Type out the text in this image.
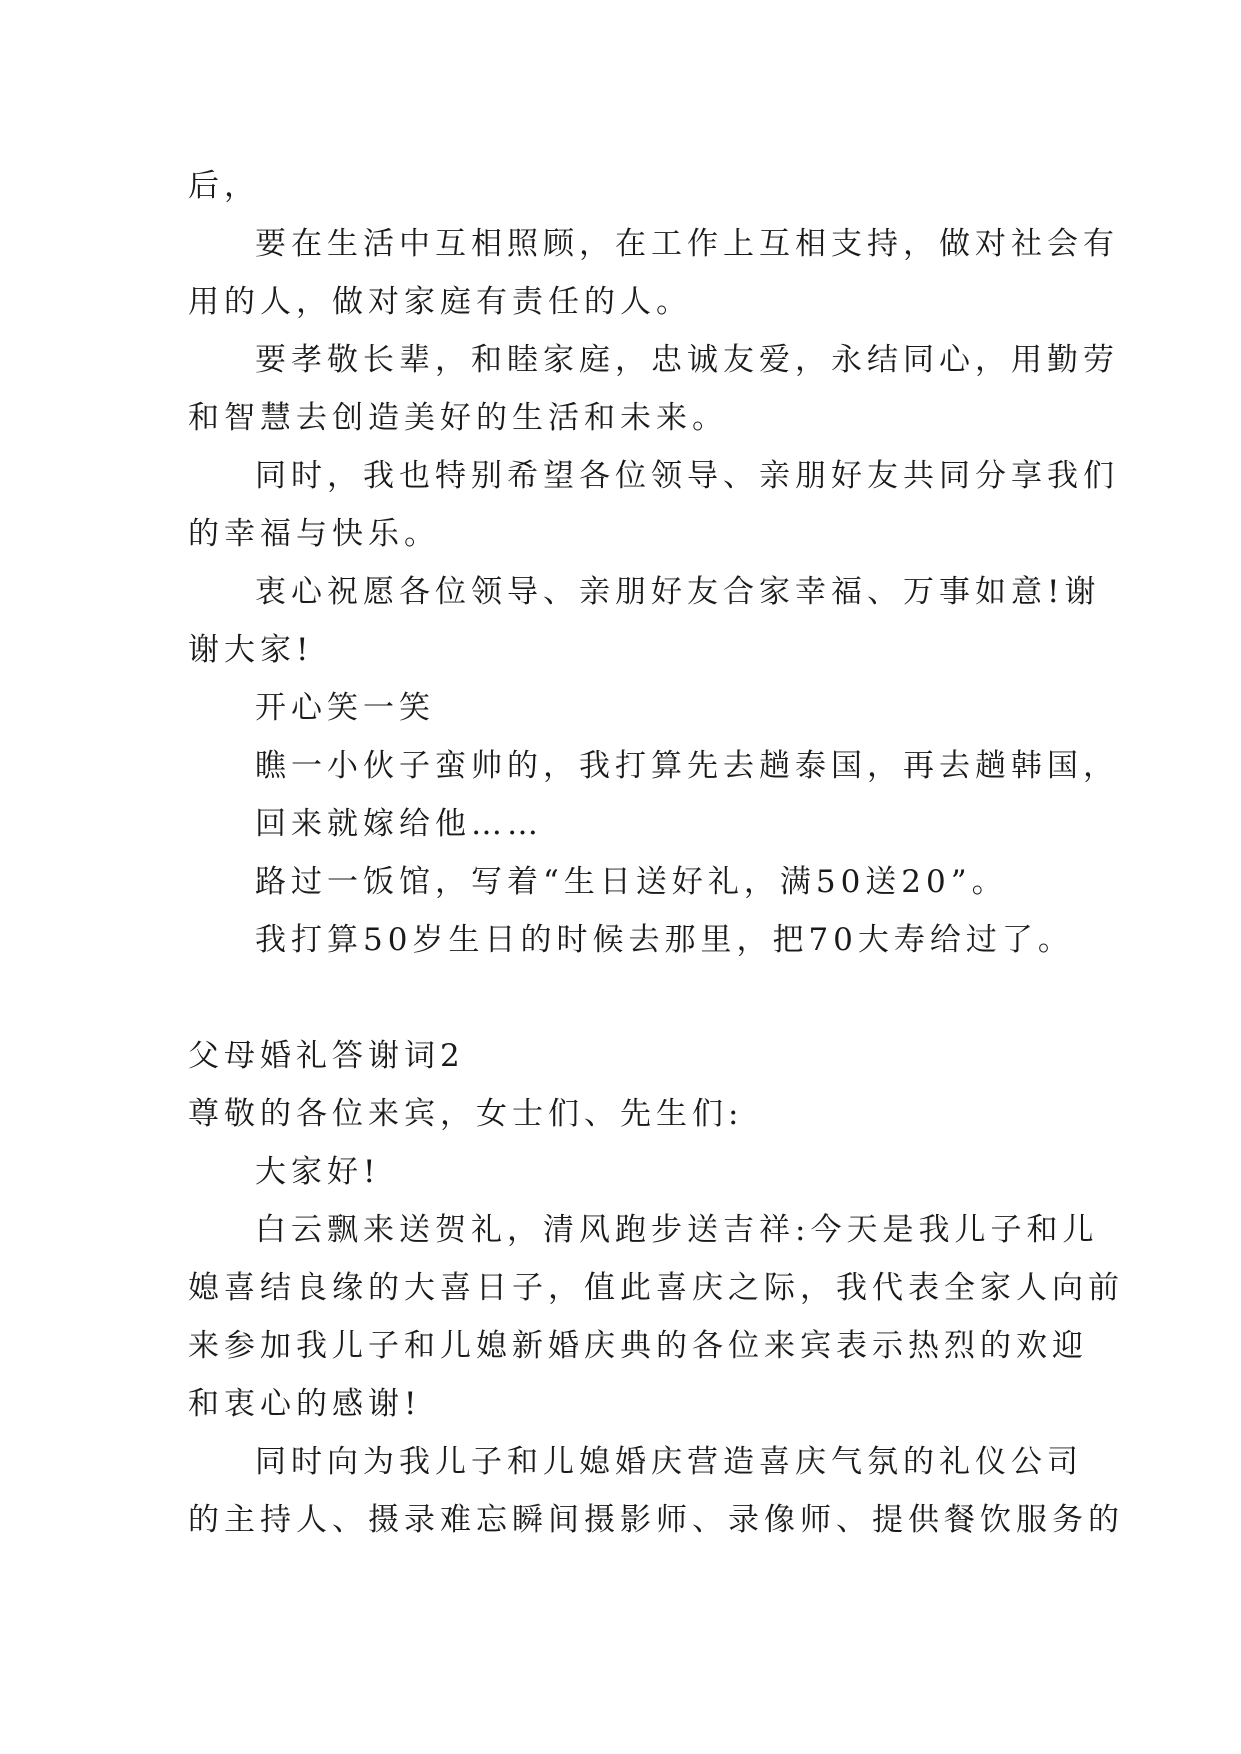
后，
要在生活中互相照顾，在工作上互相支持，做对社会有
用的人，做对家庭有责任的人。
要孝敬长辈，和睦家庭，忠诚友爱，永结同心，用勤劳
和智慧去创造美好的生活和未来。
同时，我也特别希望各位领导、亲朋好友共同分享我们
的幸福与快乐。
衷心祝愿各位领导、亲朋好友合家幸福、万事如意!谢
谢大家!
开心笑一笑
瞧一小伙子蛮帅的，我打算先去趟泰国，再去趟韩国，
回来就嫁给他……
路过一饭馆，写着“生日送好礼，满50送20”。
我打算50岁生日的时候去那里，把70大寿给过了。
父母婚礼答谢词2
尊敬的各位来宾，女士们、先生们:
大家好!
白云飘来送贺礼，清风跑步送吉祥:今天是我儿子和儿
媳喜结良缘的大喜日子，值此喜庆之际，我代表全家人向前
来参加我儿子和儿媳新婚庆典的各位来宾表示热烈的欢迎
和衷心的感谢!
同时向为我儿子和儿媳婚庆营造喜庆气氛的礼仪公司
的主持人、摄录难忘瞬间摄影师、录像师、提供餐饮服务的
